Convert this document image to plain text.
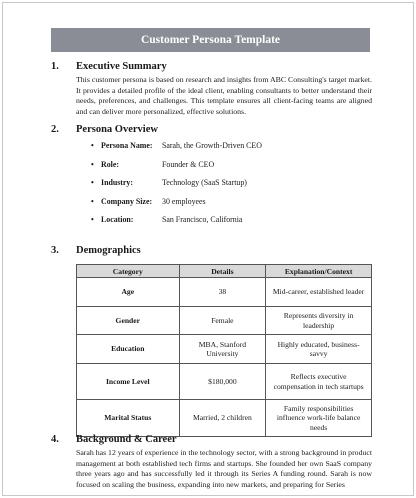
Customer Persona Template
1. Executive Summary
This customer persona is based on research and insights from ABC Consulting's target market. It provides a detailed profile of the ideal client, enabling consultants to better understand their needs, preferences, and challenges. This template ensures all client-facing teams are aligned and can deliver more personalized, effective solutions.
2. Persona Overview
• Persona Name: Sarah, the Growth-Driven CEO
• Role:	Founder & CEO
• Industry:	Technology (SaaS Startup)
• Company Size: 30 employees
• Location:	San Francisco, California
3. Demographics
Category	Details	Explanation/Context
Age	38	Mid-career, established leader
Gender	Female	Represents diversity in leadership
Education	MBA, Stanford University	Highly educated, business-savvy
Income Level	$180,000	Reflects executive compensation in tech startups
Marital Status	Married, 2 children	Family responsibilities influence work-life balance needs
4. Background & Career
Sarah has 12 years of experience in the technology sector, with a strong background in product management at both established tech firms and startups. She founded her own SaaS company three years ago and has successfully led it through its Series A funding round. Sarah is now focused on scaling the business, expanding into new markets, and preparing for Series
